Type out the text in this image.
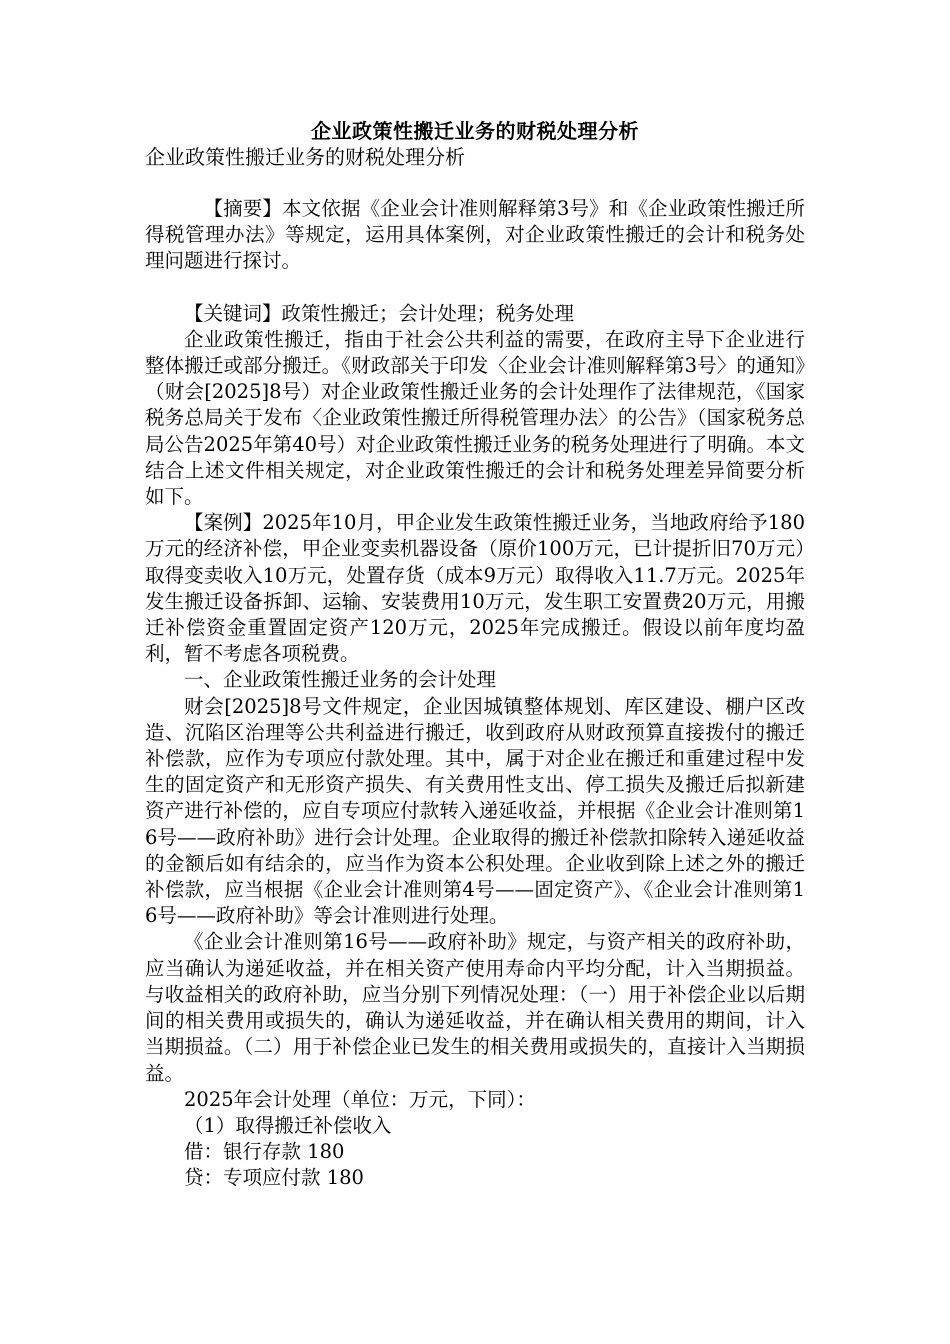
企业政策性搬迁业务的财税处理分析

企业政策性搬迁业务的财税处理分析

【摘要】本文依据《企业会计准则解释第3号》和《企业政策性搬迁所得税管理办法》等规定，运用具体案例，对企业政策性搬迁的会计和税务处理问题进行探讨。

【关键词】政策性搬迁；会计处理；税务处理

企业政策性搬迁，指由于社会公共利益的需要，在政府主导下企业进行整体搬迁或部分搬迁。《财政部关于印发〈企业会计准则解释第3号〉的通知》（财会[2025]8号）对企业政策性搬迁业务的会计处理作了法律规范，《国家税务总局关于发布〈企业政策性搬迁所得税管理办法〉的公告》（国家税务总局公告2025年第40号）对企业政策性搬迁业务的税务处理进行了明确。本文结合上述文件相关规定，对企业政策性搬迁的会计和税务处理差异简要分析如下。

【案例】2025年10月，甲企业发生政策性搬迁业务，当地政府给予180万元的经济补偿，甲企业变卖机器设备（原价100万元，已计提折旧70万元）取得变卖收入10万元，处置存货（成本9万元）取得收入11.7万元。2025年发生搬迁设备拆卸、运输、安装费用10万元，发生职工安置费20万元，用搬迁补偿资金重置固定资产120万元，2025年完成搬迁。假设以前年度均盈利，暂不考虑各项税费。

一、企业政策性搬迁业务的会计处理

财会[2025]8号文件规定，企业因城镇整体规划、库区建设、棚户区改造、沉陷区治理等公共利益进行搬迁，收到政府从财政预算直接拨付的搬迁补偿款，应作为专项应付款处理。其中，属于对企业在搬迁和重建过程中发生的固定资产和无形资产损失、有关费用性支出、停工损失及搬迁后拟新建资产进行补偿的，应自专项应付款转入递延收益，并根据《企业会计准则第16号——政府补助》进行会计处理。企业取得的搬迁补偿款扣除转入递延收益的金额后如有结余的，应当作为资本公积处理。企业收到除上述之外的搬迁补偿款，应当根据《企业会计准则第4号——固定资产》、《企业会计准则第16号——政府补助》等会计准则进行处理。

《企业会计准则第16号——政府补助》规定，与资产相关的政府补助，应当确认为递延收益，并在相关资产使用寿命内平均分配，计入当期损益。与收益相关的政府补助，应当分别下列情况处理：（一）用于补偿企业以后期间的相关费用或损失的，确认为递延收益，并在确认相关费用的期间，计入当期损益。（二）用于补偿企业已发生的相关费用或损失的，直接计入当期损益。

2025年会计处理（单位：万元，下同）：

（1）取得搬迁补偿收入

借：银行存款 180

贷：专项应付款 180
